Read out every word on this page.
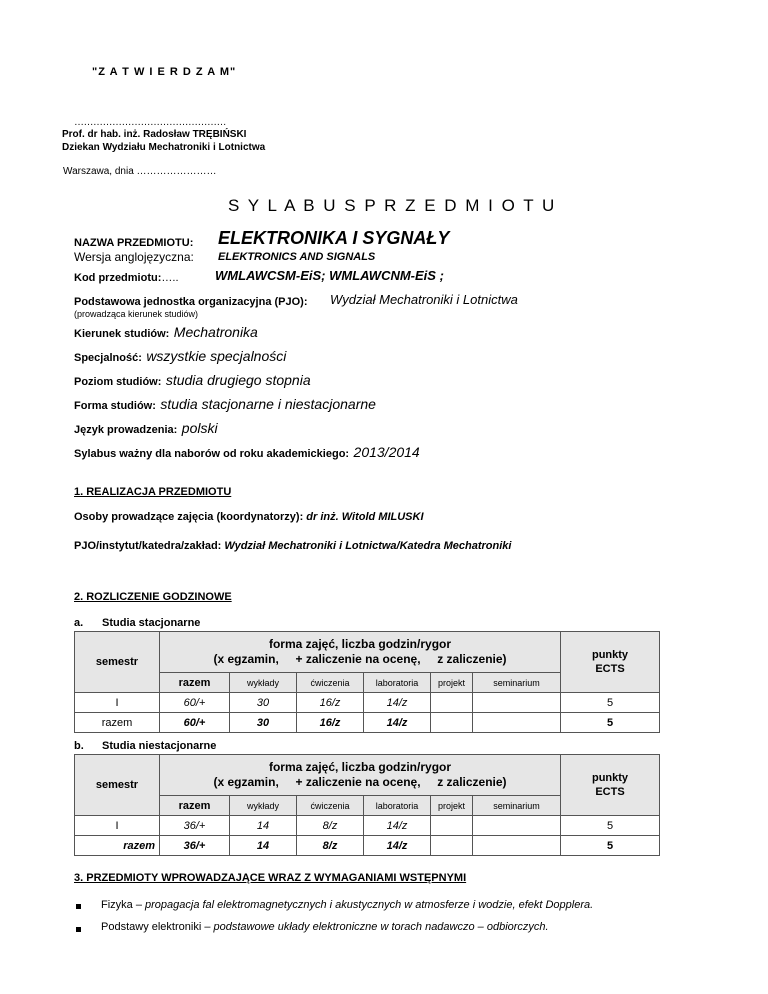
"Z A T W I E R D Z A M"
…………………………………………
Prof. dr hab. inż. Radosław TRĘBIŃSKI
Dziekan Wydziału Mechatroniki i Lotnictwa
Warszawa, dnia ……………………
S Y L A B U S P R Z E D M I O T U
NAZWA PRZEDMIOTU: ELEKTRONIKA I SYGNAŁY
Wersja anglojęzyczna: ELEKTRONICS AND SIGNALS
Kod przedmiotu:…..	WMLAWCSM-EiS; WMLAWCNM-EiS ;
Podstawowa jednostka organizacyjna (PJO): Wydział Mechatroniki i Lotnictwa
(prowadząca kierunek studiów)
Kierunek studiów: Mechatronika
Specjalność: wszystkie specjalności
Poziom studiów: studia drugiego stopnia
Forma studiów: studia stacjonarne i niestacjonarne
Język prowadzenia: polski
Sylabus ważny dla naborów od roku akademickiego: 2013/2014
1. REALIZACJA PRZEDMIOTU
Osoby prowadzące zajęcia (koordynatorzy): dr inż. Witold MILUSKI
PJO/instytut/katedra/zakład: Wydział Mechatroniki i Lotnictwa/Katedra Mechatroniki
2. ROZLICZENIE GODZINOWE
a. Studia stacjonarne
semestr	forma zajęć, liczba godzin/rygor
(x egzamin,     + zaliczenie na ocenę,     z zaliczenie)						punkty
ECTS
	razem	wykłady	ćwiczenia	laboratoria	projekt	seminarium	
I	60/+	30	16/z	14/z			5
razem	60/+	30	16/z	14/z			5
b. Studia niestacjonarne
semestr	forma zajęć, liczba godzin/rygor
(x egzamin,     + zaliczenie na ocenę,     z zaliczenie)						punkty
ECTS
	razem	wykłady	ćwiczenia	laboratoria	projekt	seminarium	
I	36/+	14	8/z	14/z			5
razem	36/+	14	8/z	14/z			5
3. PRZEDMIOTY WPROWADZAJĄCE WRAZ Z WYMAGANIAMI WSTĘPNYMI
Fizyka – propagacja fal elektromagnetycznych i akustycznych w atmosferze i wodzie, efekt Dopplera.
Podstawy elektroniki – podstawowe układy elektroniczne w torach nadawczo – odbiorczych.
